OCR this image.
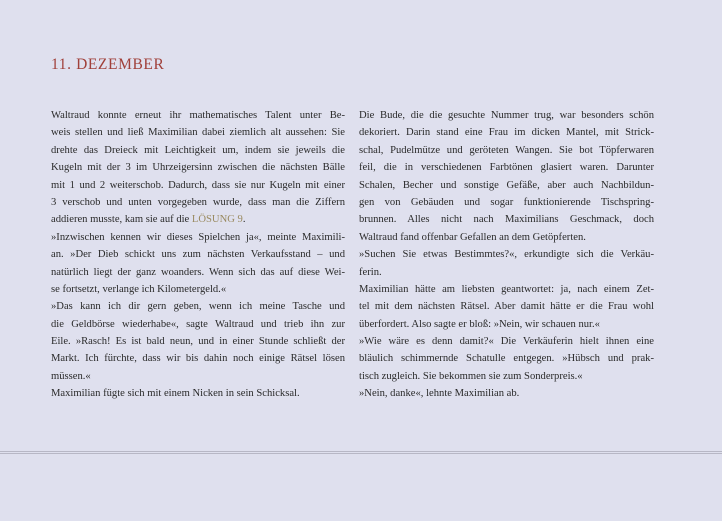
11. DEZEMBER
Waltraud konnte erneut ihr mathematisches Talent unter Be-
weis stellen und ließ Maximilian dabei ziemlich alt aussehen: Sie
drehte das Dreieck mit Leichtigkeit um, indem sie jeweils die
Kugeln mit der 3 im Uhrzeigersinn zwischen die nächsten Bälle
mit 1 und 2 weiterschob. Dadurch, dass sie nur Kugeln mit einer
3 verschob und unten vorgegeben wurde, dass man die Ziffern
addieren musste, kam sie auf die LÖSUNG 9.
»Inzwischen kennen wir dieses Spielchen ja«, meinte Maximili-
an. »Der Dieb schickt uns zum nächsten Verkaufsstand – und
natürlich liegt der ganz woanders. Wenn sich das auf diese Wei-
se fortsetzt, verlange ich Kilometergeld.«
»Das kann ich dir gern geben, wenn ich meine Tasche und
die Geldbörse wiederhabe«, sagte Waltraud und trieb ihn zur
Eile. »Rasch! Es ist bald neun, und in einer Stunde schließt der
Markt. Ich fürchte, dass wir bis dahin noch einige Rätsel lösen
müssen.«
Maximilian fügte sich mit einem Nicken in sein Schicksal.
Die Bude, die die gesuchte Nummer trug, war besonders schön
dekoriert. Darin stand eine Frau im dicken Mantel, mit Strick-
schal, Pudelmütze und geröteten Wangen. Sie bot Töpferwaren
feil, die in verschiedenen Farbtönen glasiert waren. Darunter
Schalen, Becher und sonstige Gefäße, aber auch Nachbildun-
gen von Gebäuden und sogar funktionierende Tischspring-
brunnen. Alles nicht nach Maximilians Geschmack, doch
Waltraud fand offenbar Gefallen an dem Getöpferten.
»Suchen Sie etwas Bestimmtes?«, erkundigte sich die Verkäu-
ferin.
Maximilian hätte am liebsten geantwortet: ja, nach einem Zet-
tel mit dem nächsten Rätsel. Aber damit hätte er die Frau wohl
überfordert. Also sagte er bloß: »Nein, wir schauen nur.«
»Wie wäre es denn damit?« Die Verkäuferin hielt ihnen eine
bläulich schimmernde Schatulle entgegen. »Hübsch und prak-
tisch zugleich. Sie bekommen sie zum Sonderpreis.«
»Nein, danke«, lehnte Maximilian ab.
